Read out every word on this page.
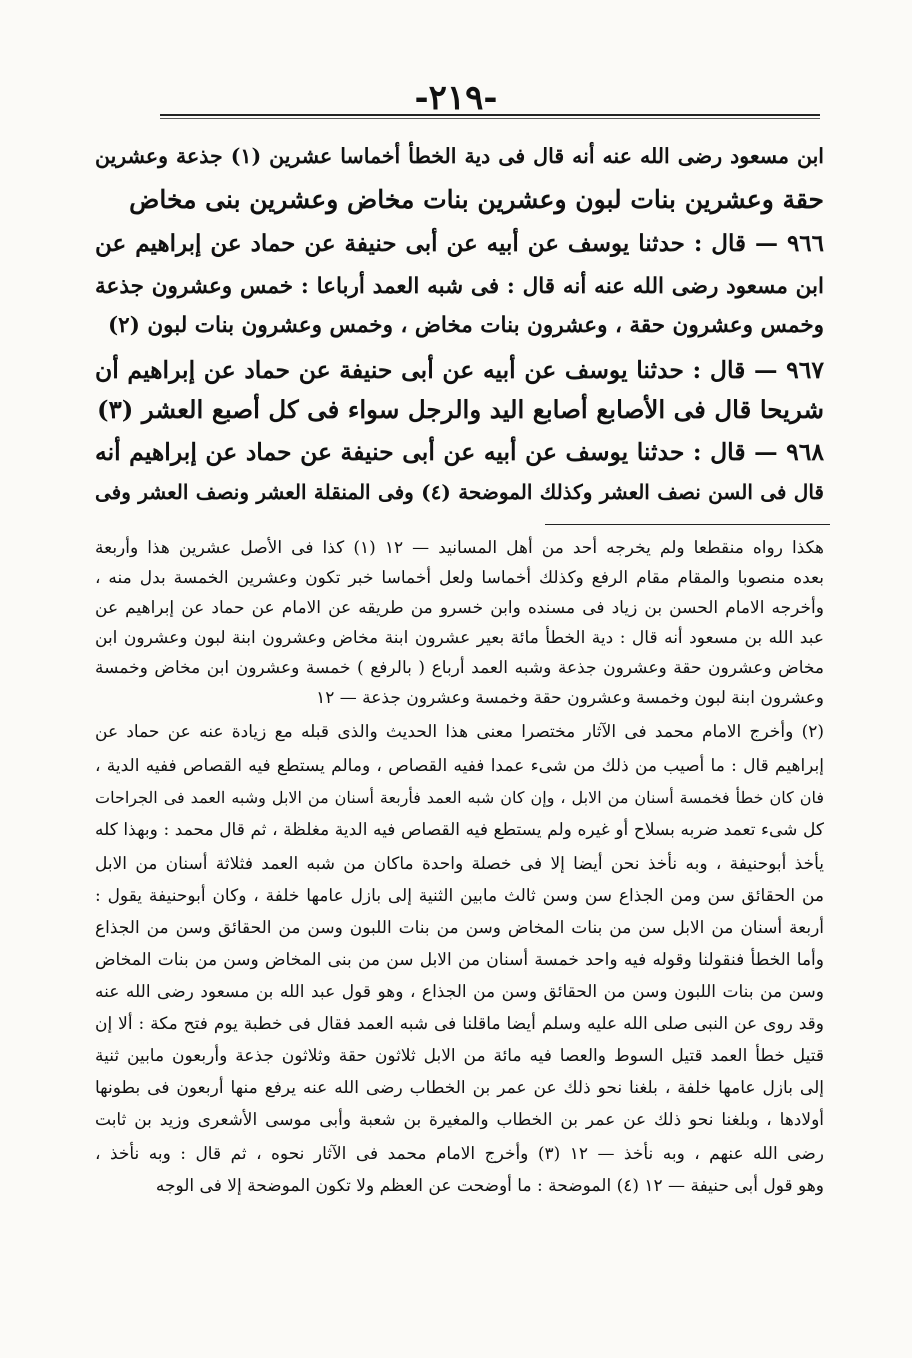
-٢١٩-
ابن مسعود رضى الله عنه أنه قال فى دية الخطأ أخماسا عشرين (١) جذعة وعشرين
حقة وعشرين بنات لبون وعشرين بنات مخاض وعشرين بنى مخاض
٩٦٦ — قال : حدثنا يوسف عن أبيه عن أبى حنيفة عن حماد عن إبراهيم عن
ابن مسعود رضى الله عنه أنه قال : فى شبه العمد أرباعا : خمس وعشرون جذعة
وخمس وعشرون حقة ، وعشرون بنات مخاض ، وخمس وعشرون بنات لبون (٢)
٩٦٧ — قال : حدثنا يوسف عن أبيه عن أبى حنيفة عن حماد عن إبراهيم أن
شريحا قال فى الأصابع أصابع اليد والرجل سواء فى كل أصبع العشر (٣)
٩٦٨ — قال : حدثنا يوسف عن أبيه عن أبى حنيفة عن حماد عن إبراهيم أنه
قال فى السن نصف العشر وكذلك الموضحة (٤) وفى المنقلة العشر ونصف العشر وفى
هكذا رواه منقطعا ولم يخرجه أحد من أهل المسانيد — ١٢ (١) كذا فى الأصل عشرين هذا وأربعة
بعده منصوبا والمقام مقام الرفع وكذلك أخماسا ولعل أخماسا خبر تكون وعشرين الخمسة بدل منه ،
وأخرجه الامام الحسن بن زياد فى مسنده وابن خسرو من طريقه عن الامام عن حماد عن إبراهيم عن
عبد الله بن مسعود أنه قال : دية الخطأ مائة بعير عشرون ابنة مخاض وعشرون ابنة لبون وعشرون ابن
مخاض وعشرون حقة وعشرون جذعة وشبه العمد أرباع ( بالرفع ) خمسة وعشرون ابن مخاض وخمسة
وعشرون ابنة لبون وخمسة وعشرون حقة وخمسة وعشرون جذعة — ١٢
(٢) وأخرج الامام محمد فى الآثار مختصرا معنى هذا الحديث والذى قبله مع زيادة عنه عن حماد عن
إبراهيم قال : ما أصيب من ذلك من شىء عمدا ففيه القصاص ، ومالم يستطع فيه القصاص ففيه الدية ،
فان كان خطأ فخمسة أسنان من الابل ، وإن كان شبه العمد فأربعة أسنان من الابل وشبه العمد فى الجراحات
كل شىء تعمد ضربه بسلاح أو غيره ولم يستطع فيه القصاص فيه الدية مغلظة ، ثم قال محمد : وبهذا كله
يأخذ أبوحنيفة ، وبه نأخذ نحن أيضا إلا فى خصلة واحدة ماكان من شبه العمد فثلاثة أسنان من الابل
من الحقائق سن ومن الجذاع سن وسن ثالث مابين الثنية إلى بازل عامها خلفة ، وكان أبوحنيفة يقول :
أربعة أسنان من الابل سن من بنات المخاض وسن من بنات اللبون وسن من الحقائق وسن من الجذاع
وأما الخطأ فنقولنا وقوله فيه واحد خمسة أسنان من الابل سن من بنى المخاض وسن من بنات المخاض
وسن من بنات اللبون وسن من الحقائق وسن من الجذاع ، وهو قول عبد الله بن مسعود رضى الله عنه
وقد روى عن النبى صلى الله عليه وسلم أيضا ماقلنا فى شبه العمد فقال فى خطبة يوم فتح مكة : ألا إن
قتيل خطأ العمد قتيل السوط والعصا فيه مائة من الابل ثلاثون حقة وثلاثون جذعة وأربعون مابين ثنية
إلى بازل عامها خلفة ، بلغنا نحو ذلك عن عمر بن الخطاب رضى الله عنه يرفع منها أربعون فى بطونها
أولادها ، وبلغنا نحو ذلك عن عمر بن الخطاب والمغيرة بن شعبة وأبى موسى الأشعرى وزيد بن ثابت
رضى الله عنهم ، وبه نأخذ — ١٢ (٣) وأخرج الامام محمد فى الآثار نحوه ، ثم قال : وبه نأخذ ،
وهو قول أبى حنيفة — ١٢ (٤) الموضحة : ما أوضحت عن العظم ولا تكون الموضحة إلا فى الوجه
